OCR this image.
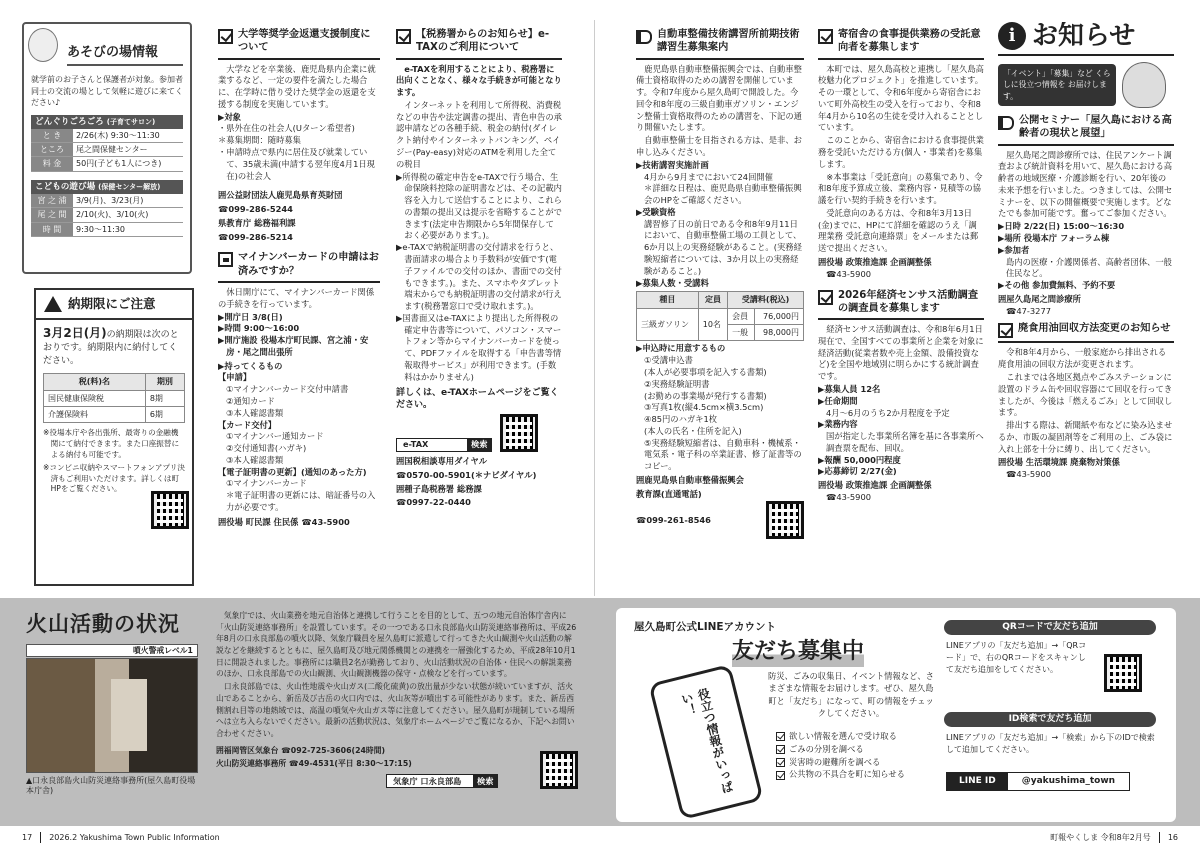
あそびの場情報
就学前のお子さんと保護者が対象。参加者同士の交流の場として気軽に遊びに来てください♪
どんぐりごろごろ (子育てサロン)
と き	2/26(木) 9:30～11:30
ところ	尾之間保健センター
料 金	50円(子ども1人につき)
こどもの遊び場 (保健センター解放)
宮 之 浦	3/9(月)、3/23(月)
尾 之 間	2/10(火)、3/10(火)
時 間	9:30～11:30
納期限にご注意
3月2日(月)の納期限は次のとおりです。納期限内に納付してください。
税(料)名	期別
国民健康保険税	8期
介護保険料	6期
※役場本庁や各出張所、最寄りの金融機関にて納付できます。また口座振替による納付も可能です。
※コンビニ収納やスマートフォンアプリ決済もご利用いただけます。詳しくは町HPをご覧ください。
大学等奨学金返還支援制度について
大学などを卒業後、鹿児島県内企業に就業するなど、一定の要件を満たした場合に、在学時に借り受けた奨学金の返還を支援する制度を実施しています。
▶対象
・県外在住の社会人(Uターン希望者)
＊募集期間：随時募集
・申請時点で県内に居住及び就業していて、35歳未満(申請する翌年度4月1日現在)の社会人
囲公益財団法人鹿児島県育英財団
☎099-286-5244
県教育庁 総務福利課
☎099-286-5214
マイナンバーカードの申請はお済みですか？
休日開庁にて、マイナンバーカード関係の手続きを行っています。
▶開庁日 3/8(日)
▶時間 9:00～16:00
▶開庁施設 役場本庁町民課、宮之浦・安房・尾之間出張所
▶持ってくるもの
【申請】
①マイナンバーカード交付申請書
②通知カード
③本人確認書類
【カード交付】
①マイナンバー通知カード
②交付通知書(ハガキ)
③本人確認書類
【電子証明書の更新】(通知のあった方)
①マイナンバーカード
＊電子証明書の更新には、暗証番号の入力が必要です。
囲役場 町民課 住民係 ☎43-5900
【税務署からのお知らせ】e-TAXのご利用について
e-TAXを利用することにより、税務署に出向くことなく、様々な手続きが可能となります。
インターネットを利用して所得税、消費税などの申告や法定調書の提出、青色申告の承認申請などの各種手続、税金の納付(ダイレクト納付やインターネットバンキング、ペイジー(Pay-easy)対応のATMを利用した全ての税目
▶所得税の確定申告をe-TAXで行う場合、生命保険料控除の証明書などは、その記載内容を入力して送信することにより、これらの書類の提出又は提示を省略することができます(法定申告期限から5年間保存しておく必要があります。)。
▶e-TAXで納税証明書の交付請求を行うと、書面請求の場合より手数料が安価です(電子ファイルでの交付のほか、書面での交付もできます。)。また、スマホやタブレット端末からでも納税証明書の交付請求が行えます(税務署窓口で受け取れます。)。
▶国書面又はe-TAXにより提出した所得税の確定申告書等について、パソコン・スマートフォン等からマイナンバーカードを使って、PDFファイルを取得する「申告書等情報取得サービス」が利用できます。(手数料はかかりません)
詳しくは、e-TAXホームページをご覧ください。
e-TAX	検索
囲国税相談専用ダイヤル
☎0570-00-5901(＊ナビダイヤル)
囲種子島税務署 総務課
☎0997-22-0440
自動車整備技術講習所前期技術講習生募集案内
鹿児島県自動車整備振興会では、自動車整備士資格取得のための講習を開催しています。令和7年度から屋久島町で開設した。今回令和8年度の三級自動車ガソリン・エンジン整備士資格取得のための講習を、下記の通り開催いたします。
自動車整備士を目指される方は、是非、お申し込みください。
▶技術講習実施計画
4月から9月までにおいて24回開催
＊詳細な日程は、鹿児島県自動車整備振興会のHPをご確認ください。
▶受験資格
講習修了日の前日である令和8年9月11日において、自動車整備工場の工員として、6か月以上の実務経験があること。(実務経験短縮者については、3か月以上の実務経験があること。)
▶募集人数・受講料
種目	定員	受講料(税込)	
三級ガソリン	10名	会員	76,000円
		一般	98,000円
▶申込時に用意するもの
①受講申込書
(本人が必要事項を記入する書類)
②実務経験証明書
(お勤めの事業場が発行する書類)
③写真1枚(縦4.5cm×横3.5cm)
④85円のハガキ1枚
(本人の氏名・住所を記入)
⑤実務経験短縮者は、自動車科・機械系・電気系・電子科の卒業証書、修了証書等のコピー。
囲鹿児島県自動車整備振興会
教育課(直通電話)
☎099-261-8546
寄宿舎の食事提供業務の受託意向者を募集します
本町では、屋久島高校と連携し「屋久島高校魅力化プロジェクト」を推進しています。その一環として、令和6年度から寄宿舎において町外高校生の受入を行っており、令和8年4月から10名の生徒を受け入れることとしています。
このことから、寄宿舎における食事提供業務を受託いただける方(個人・事業者)を募集します。
※本事業は「受託意向」の募集であり、令和8年度予算成立後、業務内容・見積等の協議を行い契約手続きを行います。
受託意向のある方は、令和8年3月13日(金)までに、HPにて詳細を確認のうえ「調理業務 受託意向連絡票」をメールまたは郵送で提出ください。
囲役場 政策推進課 企画調整係
☎43-5900
2026年経済センサス活動調査の調査員を募集します
経済センサス活動調査は、令和8年6月1日現在で、全国すべての事業所と企業を対象に経済活動(従業者数や売上金額、設備投資など)を全国や地域別に明らかにする統計調査です。
▶募集人員 12名
▶任命期間
4月～6月のうち2か月程度を予定
▶業務内容
国が指定した事業所名簿を基に各事業所へ調査票を配布、回収。
▶報酬 50,000円程度
▶応募締切 2/27(金)
囲役場 政策推進課 企画調整係
☎43-5900
i お知らせ
「イベント」「募集」など くらしに役立つ情報を お届けします。
公開セミナー「屋久島における高齢者の現状と展望」
屋久島尾之間診療所では、住民アンケート調査および統計資料を用いて、屋久島における高齢者の地域医療・介護診断を行い、20年後の未来予想を行いました。つきましては、公開セミナーを、以下の開催概要で実施します。どなたでも参加可能です。奮ってご参加ください。
▶日時 2/22(日) 15:00～16:30
▶場所 役場本庁 フォーラム棟
▶参加者
島内の医療・介護関係者、高齢者団体、一般住民など。
▶その他 参加費無料、予約不要
囲屋久島尾之間診療所
☎47-3277
廃食用油回収方法変更のお知らせ
令和8年4月から、一般家庭から排出される廃食用油の回収方法が変更されます。
これまでは各地区拠点やごみステーションに設置のドラム缶や回収容器にて回収を行ってきましたが、今後は「燃えるごみ」として回収します。
排出する際は、新聞紙や布などに染み込ませるか、市販の凝固剤等をご利用の上、ごみ袋に入れ上部を十分に縛り、出してください。
囲役場 生活環境課 廃棄物対策係
☎43-5900
火山活動の状況
噴火警戒レベル1
▲口永良部島火山防災連絡事務所(屋久島町役場本庁舎)
気象庁では、火山業務を地元自治体と連携して行うことを目的として、五つの地元自治体庁舎内に「火山防災連絡事務所」を設置しています。その一つである口永良部島火山防災連絡事務所は、平成26年8月の口永良部島の噴火以降、気象庁職員を屋久島町に派遣して行ってきた火山観測や火山活動の解説などを継続するとともに、屋久島町及び地元関係機関との連携を一層強化するため、平成28年10月1日に開設されました。事務所には職員2名が勤務しており、火山活動状況の自治体・住民への解説業務のほか、口永良部島での火山観測、火山観測機器の保守・点検などを行っています。
口永良部島では、火山性地震や火山ガス(二酸化硫黄)の放出量が少ない状態が続いていますが、活火山であることから、新岳及び古岳の火口内では、火山灰等が噴出する可能性があります。また、新岳西側割れ目等の地熱域では、高温の噴気や火山ガス等に注意してください。屋久島町が規制している場所へは立ち入らないでください。最新の活動状況は、気象庁ホームページでご覧になるか、下記へお問い合わせください。
囲福岡管区気象台 ☎092-725-3606(24時間)
火山防災連絡事務所 ☎49-4531(平日 8:30～17:15)
気象庁 口永良部島	検索
屋久島町公式LINEアカウント
友だち募集中
役立つ情報がいっぱい！
防災、ごみの収集日、イベント情報など、さまざまな情報をお届けします。ぜひ、屋久島町と「友だち」になって、町の情報をチェックしてください。
欲しい情報を選んで受け取る
ごみの分別を調べる
災害時の避難所を調べる
公共物の不具合を町に知らせる
QRコードで友だち追加
LINEアプリの「友だち追加」→「QRコード」で、右のQRコードをスキャンして友だち追加をしてください。
ID検索で友だち追加
LINEアプリの「友だち追加」→「検索」から下のIDで検索して追加してください。
LINE ID	@yakushima_town
17 2026.2 Yakushima Town Public Information	町報やくしま 令和8年2月号 16
